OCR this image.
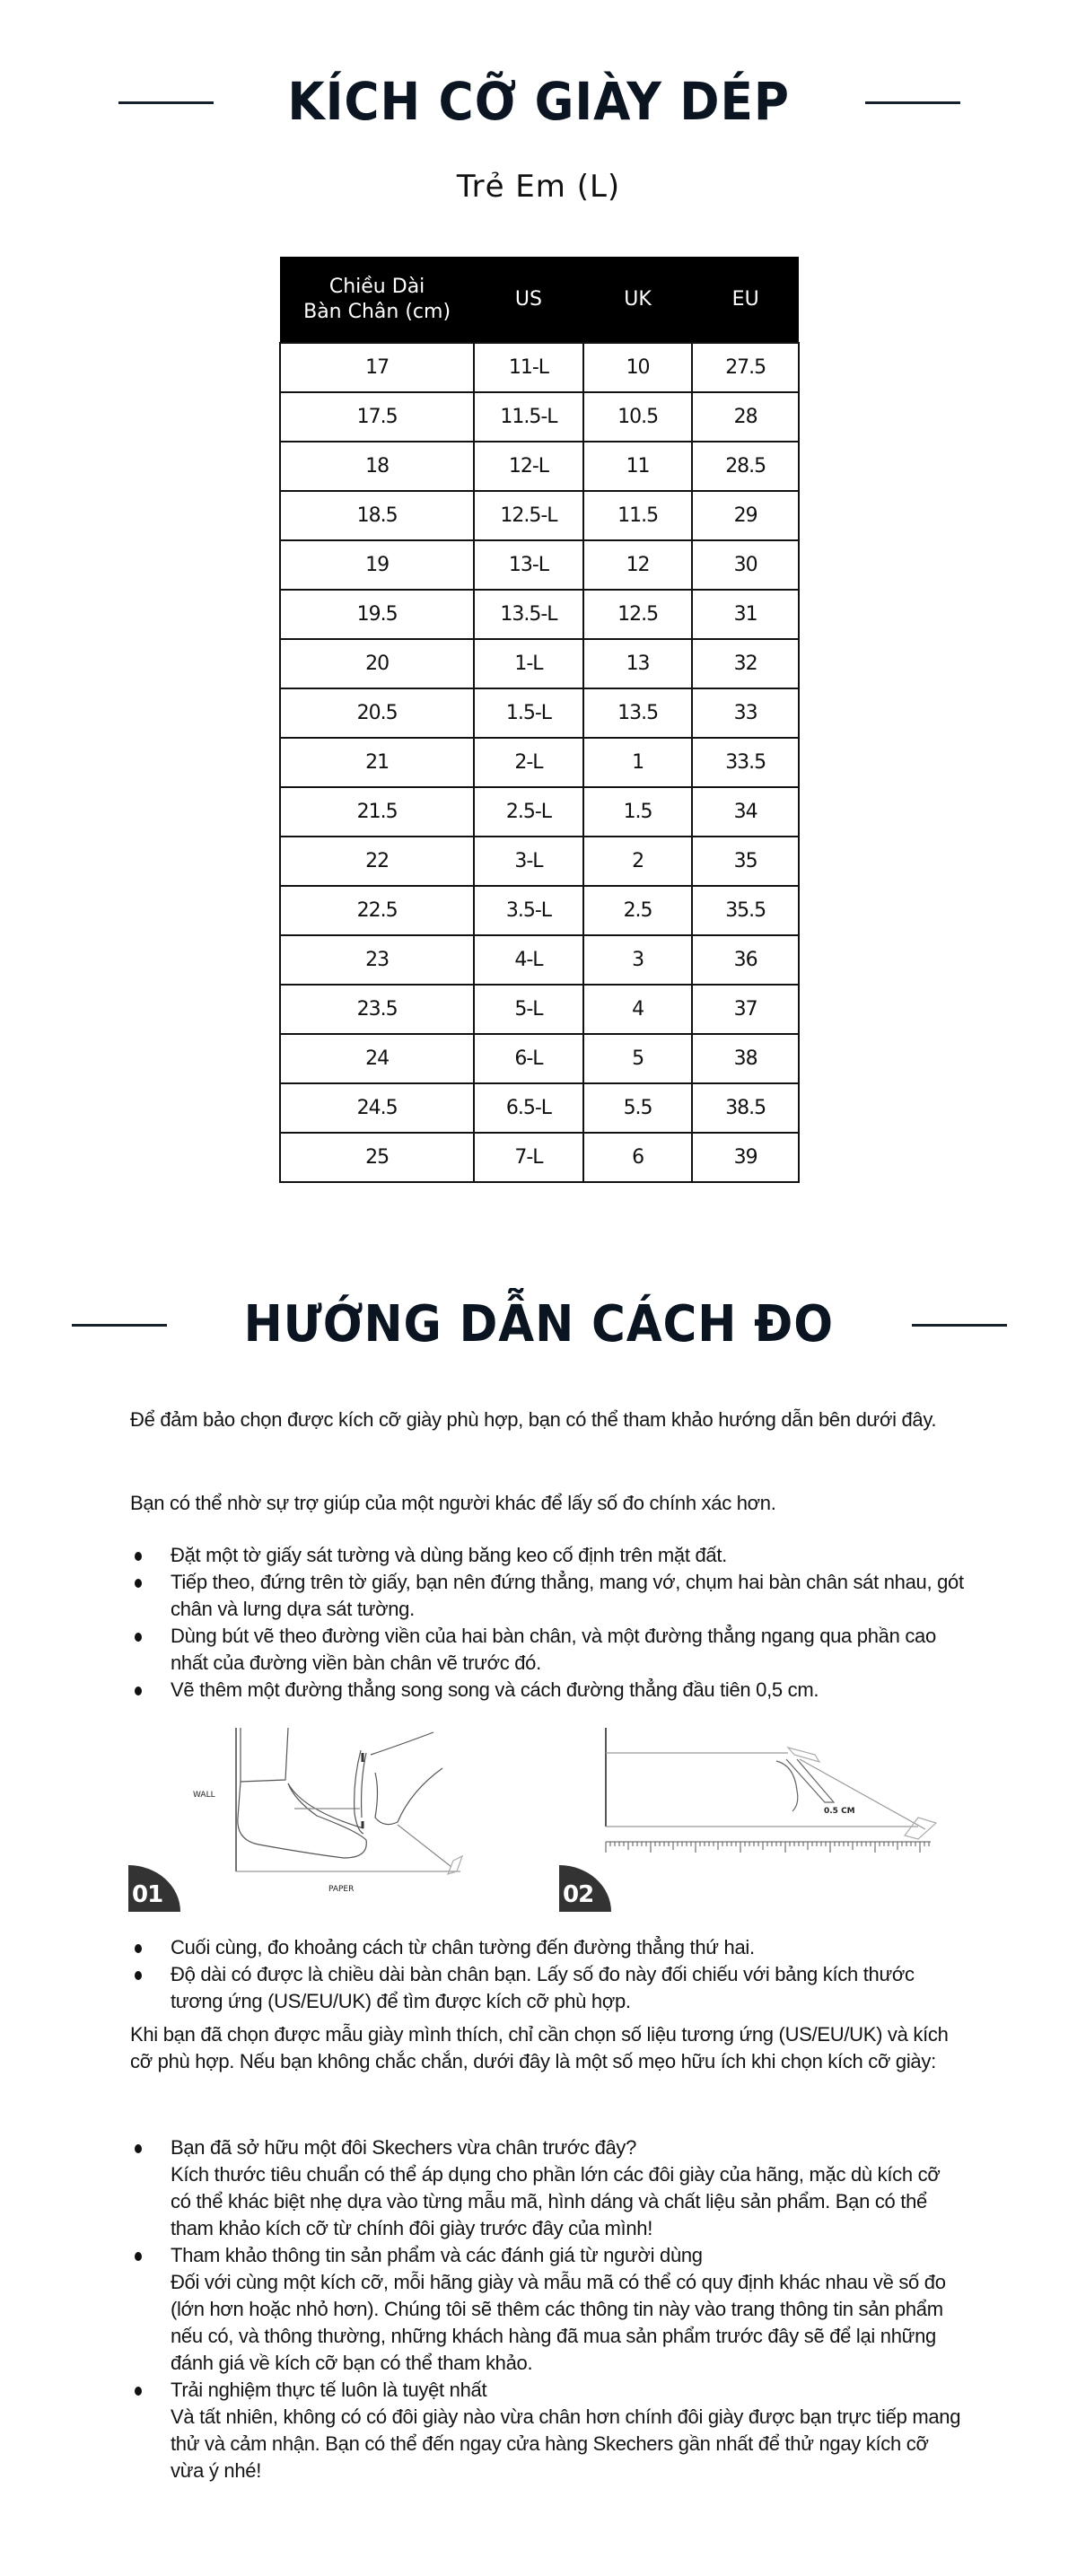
KÍCH CỠ GIÀY DÉP
Trẻ Em (L)
Chiều Dài
Bàn Chân (cm)	US	UK	EU
17	11-L	10	27.5
17.5	11.5-L	10.5	28
18	12-L	11	28.5
18.5	12.5-L	11.5	29
19	13-L	12	30
19.5	13.5-L	12.5	31
20	1-L	13	32
20.5	1.5-L	13.5	33
21	2-L	1	33.5
21.5	2.5-L	1.5	34
22	3-L	2	35
22.5	3.5-L	2.5	35.5
23	4-L	3	36
23.5	5-L	4	37
24	6-L	5	38
24.5	6.5-L	5.5	38.5
25	7-L	6	39
HƯỚNG DẪN CÁCH ĐO

Để đảm bảo chọn được kích cỡ giày phù hợp, bạn có thể tham khảo hướng dẫn bên dưới đây.

Bạn có thể nhờ sự trợ giúp của một người khác để lấy số đo chính xác hơn.

Đặt một tờ giấy sát tường và dùng băng keo cố định trên mặt đất.
Tiếp theo, đứng trên tờ giấy, bạn nên đứng thẳng, mang vớ, chụm hai bàn chân sát nhau, gót chân và lưng dựa sát tường.
Dùng bút vẽ theo đường viền của hai bàn chân, và một đường thẳng ngang qua phần cao nhất của đường viền bàn chân vẽ trước đó.
Vẽ thêm một đường thẳng song song và cách đường thẳng đầu tiên 0,5 cm.
WALL
PAPER
01
0.5 CM
02
Cuối cùng, đo khoảng cách từ chân tường đến đường thẳng thứ hai.
Độ dài có được là chiều dài bàn chân bạn. Lấy số đo này đối chiếu với bảng kích thước tương ứng (US/EU/UK) để tìm được kích cỡ phù hợp.

Khi bạn đã chọn được mẫu giày mình thích, chỉ cần chọn số liệu tương ứng (US/EU/UK) và kích cỡ phù hợp. Nếu bạn không chắc chắn, dưới đây là một số mẹo hữu ích khi chọn kích cỡ giày:

Bạn đã sở hữu một đôi Skechers vừa chân trước đây?
Kích thước tiêu chuẩn có thể áp dụng cho phần lớn các đôi giày của hãng, mặc dù kích cỡ có thể khác biệt nhẹ dựa vào từng mẫu mã, hình dáng và chất liệu sản phẩm. Bạn có thể tham khảo kích cỡ từ chính đôi giày trước đây của mình!
Tham khảo thông tin sản phẩm và các đánh giá từ người dùng
Đối với cùng một kích cỡ, mỗi hãng giày và mẫu mã có thể có quy định khác nhau về số đo (lớn hơn hoặc nhỏ hơn). Chúng tôi sẽ thêm các thông tin này vào trang thông tin sản phẩm nếu có, và thông thường, những khách hàng đã mua sản phẩm trước đây sẽ để lại những đánh giá về kích cỡ bạn có thể tham khảo.
Trải nghiệm thực tế luôn là tuyệt nhất
Và tất nhiên, không có có đôi giày nào vừa chân hơn chính đôi giày được bạn trực tiếp mang thử và cảm nhận. Bạn có thể đến ngay cửa hàng Skechers gần nhất để thử ngay kích cỡ vừa ý nhé!
